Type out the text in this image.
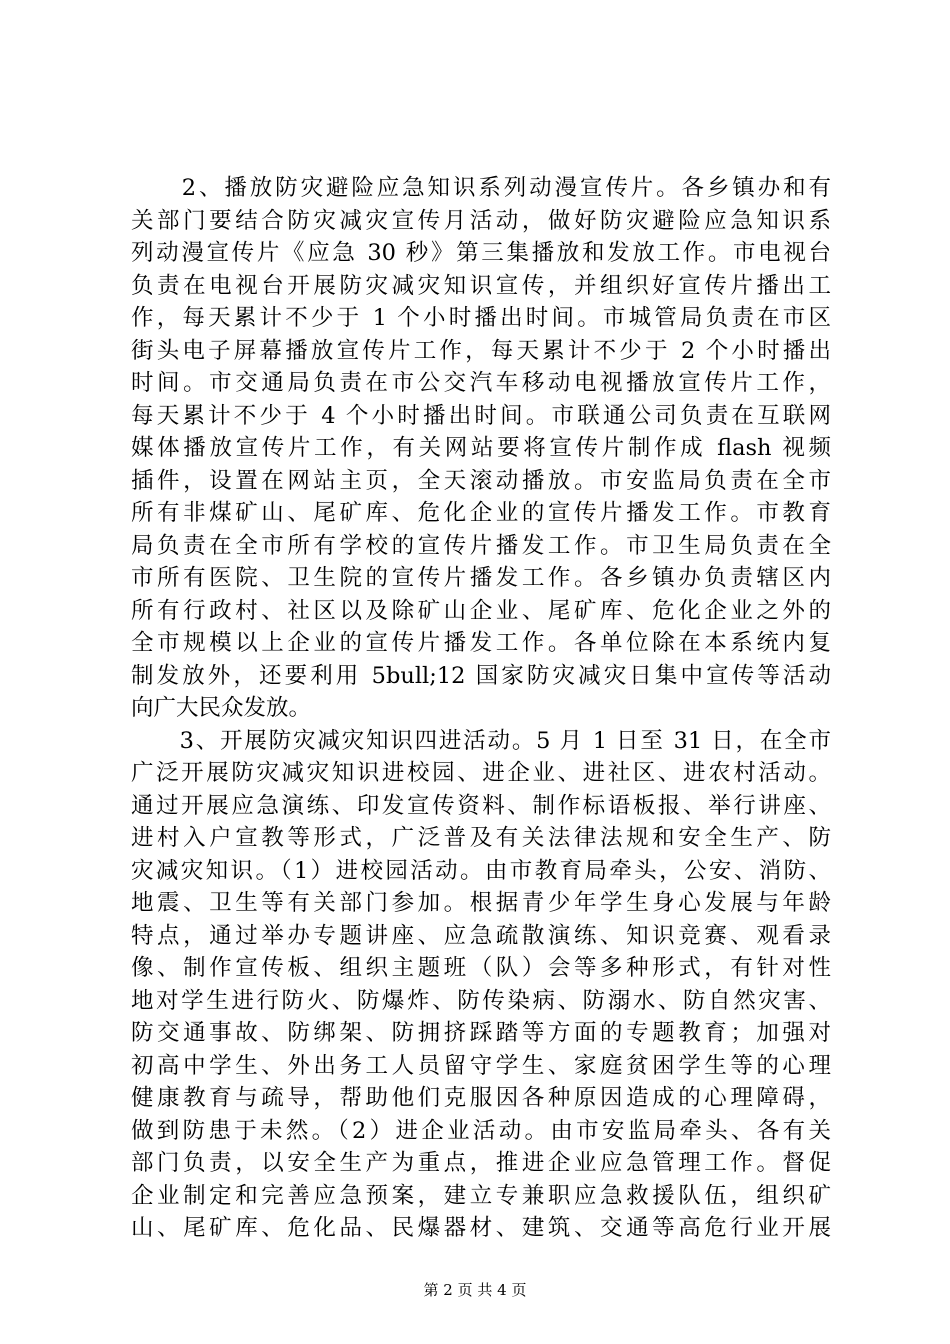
　　2、播放防灾避险应急知识系列动漫宣传片。各乡镇办和有
关部门要结合防灾减灾宣传月活动，做好防灾避险应急知识系
列动漫宣传片《应急 30 秒》第三集播放和发放工作。市电视台
负责在电视台开展防灾减灾知识宣传，并组织好宣传片播出工
作，每天累计不少于 1 个小时播出时间。市城管局负责在市区
街头电子屏幕播放宣传片工作，每天累计不少于 2 个小时播出
时间。市交通局负责在市公交汽车移动电视播放宣传片工作，
每天累计不少于 4 个小时播出时间。市联通公司负责在互联网
媒体播放宣传片工作，有关网站要将宣传片制作成 flash 视频
插件，设置在网站主页，全天滚动播放。市安监局负责在全市
所有非煤矿山、尾矿库、危化企业的宣传片播发工作。市教育
局负责在全市所有学校的宣传片播发工作。市卫生局负责在全
市所有医院、卫生院的宣传片播发工作。各乡镇办负责辖区内
所有行政村、社区以及除矿山企业、尾矿库、危化企业之外的
全市规模以上企业的宣传片播发工作。各单位除在本系统内复
制发放外，还要利用 5bull;12 国家防灾减灾日集中宣传等活动
向广大民众发放。
　　3、开展防灾减灾知识四进活动。5 月 1 日至 31 日，在全市
广泛开展防灾减灾知识进校园、进企业、进社区、进农村活动。
通过开展应急演练、印发宣传资料、制作标语板报、举行讲座、
进村入户宣教等形式，广泛普及有关法律法规和安全生产、防
灾减灾知识。（1）进校园活动。由市教育局牵头，公安、消防、
地震、卫生等有关部门参加。根据青少年学生身心发展与年龄
特点，通过举办专题讲座、应急疏散演练、知识竞赛、观看录
像、制作宣传板、组织主题班（队）会等多种形式，有针对性
地对学生进行防火、防爆炸、防传染病、防溺水、防自然灾害、
防交通事故、防绑架、防拥挤踩踏等方面的专题教育；加强对
初高中学生、外出务工人员留守学生、家庭贫困学生等的心理
健康教育与疏导，帮助他们克服因各种原因造成的心理障碍，
做到防患于未然。（2）进企业活动。由市安监局牵头、各有关
部门负责，以安全生产为重点，推进企业应急管理工作。督促
企业制定和完善应急预案，建立专兼职应急救援队伍，组织矿
山、尾矿库、危化品、民爆器材、建筑、交通等高危行业开展
第 2 页 共 4 页
